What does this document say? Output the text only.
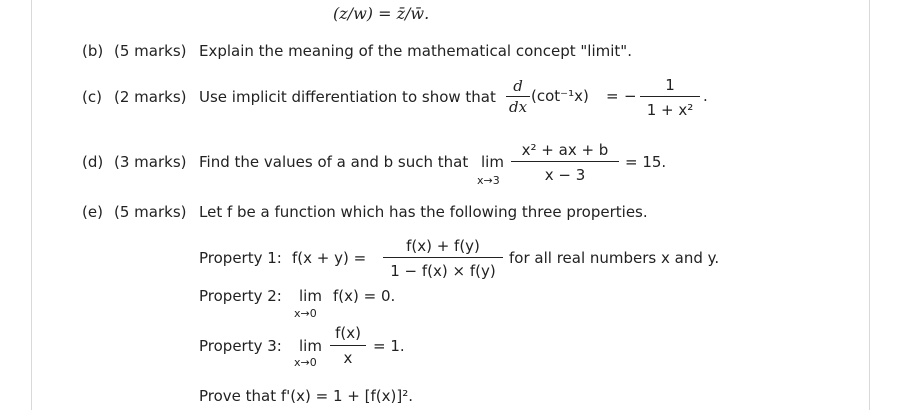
(z/w) = z̄/w̄.
(b) (5 marks) Explain the meaning of the mathematical concept "limit".
(c) (2 marks) Use implicit differentiation to show that
d
dx
(cot⁻¹x) = −
1
1 + x²
.
(d) (3 marks) Find the values of a and b such that lim
x→3
x² + ax + b
x − 3
= 15.
(e) (5 marks) Let f be a function which has the following three properties.
Property 1: f(x + y) =
f(x) + f(y)
1 − f(x) × f(y)
for all real numbers x and y.
Property 2: lim
x→0
f(x) = 0.
Property 3: lim
x→0
f(x)
x
= 1.
Prove that f'(x) = 1 + [f(x)]².
